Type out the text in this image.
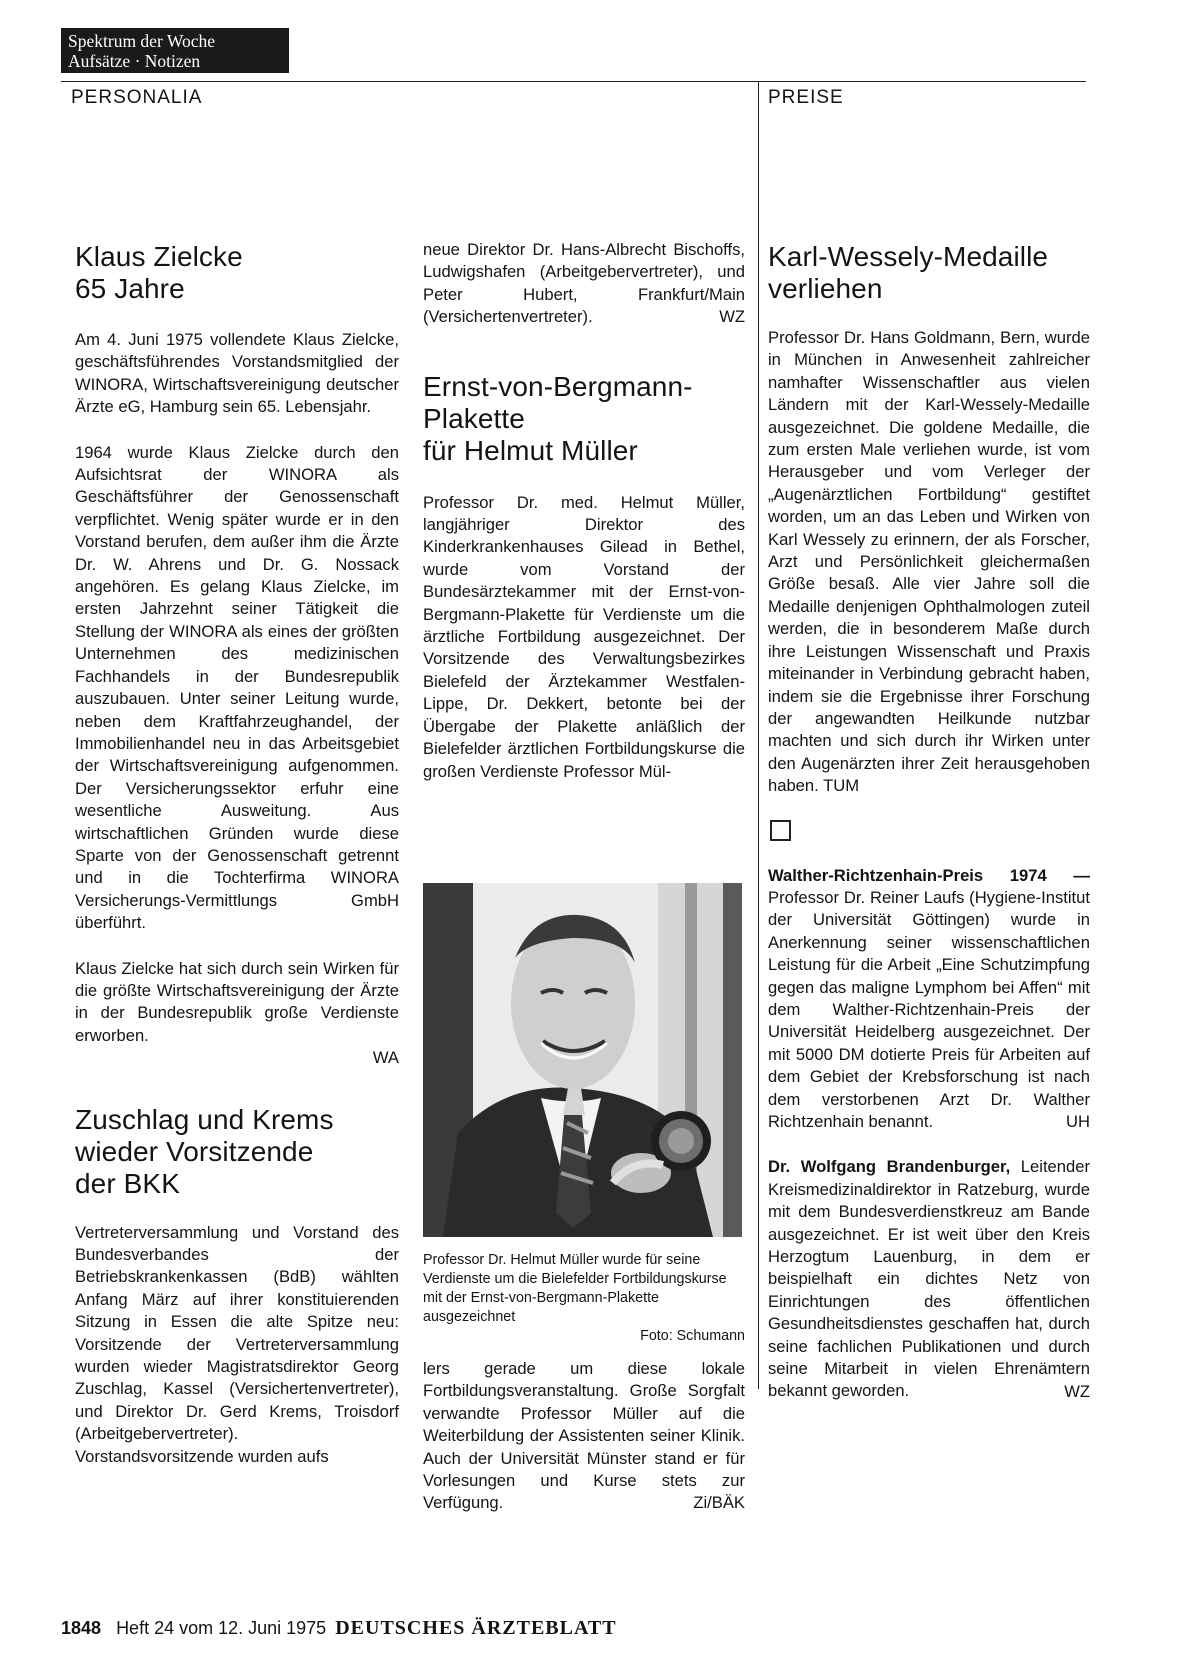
Spektrum der Woche
Aufsätze · Notizen
PERSONALIA	PREISE
Klaus Zielcke
65 Jahre

Am 4. Juni 1975 vollendete Klaus Zielcke, geschäftsführendes Vorstandsmitglied der WINORA, Wirtschaftsvereinigung deutscher Ärzte eG, Hamburg sein 65. Lebensjahr.

1964 wurde Klaus Zielcke durch den Aufsichtsrat der WINORA als Geschäftsführer der Genossenschaft verpflichtet. Wenig später wurde er in den Vorstand berufen, dem außer ihm die Ärzte Dr. W. Ahrens und Dr. G. Nossack angehören. Es gelang Klaus Zielcke, im ersten Jahrzehnt seiner Tätigkeit die Stellung der WINORA als eines der größten Unternehmen des medizinischen Fachhandels in der Bundesrepublik auszubauen. Unter seiner Leitung wurde, neben dem Kraftfahrzeughandel, der Immobilienhandel neu in das Arbeitsgebiet der Wirtschaftsvereinigung aufgenommen. Der Versicherungssektor erfuhr eine wesentliche Ausweitung. Aus wirtschaftlichen Gründen wurde diese Sparte von der Genossenschaft getrennt und in die Tochterfirma WINORA Versicherungs-Vermittlungs GmbH überführt.

Klaus Zielcke hat sich durch sein Wirken für die größte Wirtschaftsvereinigung der Ärzte in der Bundesrepublik große Verdienste erworben.
WA

Zuschlag und Krems
wieder Vorsitzende
der BKK

Vertreterversammlung und Vorstand des Bundesverbandes der Betriebskrankenkassen (BdB) wählten Anfang März auf ihrer konstituierenden Sitzung in Essen die alte Spitze neu: Vorsitzende der Vertreterversammlung wurden wieder Magistratsdirektor Georg Zuschlag, Kassel (Versichertenvertreter), und Direktor Dr. Gerd Krems, Troisdorf (Arbeitgebervertreter). Vorstandsvorsitzende wurden aufs

neue Direktor Dr. Hans-Albrecht Bischoffs, Ludwigshafen (Arbeitgebervertreter), und Peter Hubert, Frankfurt/Main (Versichertenvertreter).	WZ

Ernst-von-Bergmann-
Plakette
für Helmut Müller

Professor Dr. med. Helmut Müller, langjähriger Direktor des Kinderkrankenhauses Gilead in Bethel, wurde vom Vorstand der Bundesärztekammer mit der Ernst-von-Bergmann-Plakette für Verdienste um die ärztliche Fortbildung ausgezeichnet. Der Vorsitzende des Verwaltungsbezirkes Bielefeld der Ärztekammer Westfalen-Lippe, Dr. Dekkert, betonte bei der Übergabe der Plakette anläßlich der Bielefelder ärztlichen Fortbildungskurse die großen Verdienste Professor Mül-

Professor Dr. Helmut Müller wurde für seine Verdienste um die Bielefelder Fortbildungskurse mit der Ernst-von-Bergmann-Plakette ausgezeichnet
Foto: Schumann

lers gerade um diese lokale Fortbildungsveranstaltung. Große Sorgfalt verwandte Professor Müller auf die Weiterbildung der Assistenten seiner Klinik. Auch der Universität Münster stand er für Vorlesungen und Kurse stets zur Verfügung.	Zi/BÄK

Karl-Wessely-Medaille
verliehen

Professor Dr. Hans Goldmann, Bern, wurde in München in Anwesenheit zahlreicher namhafter Wissenschaftler aus vielen Ländern mit der Karl-Wessely-Medaille ausgezeichnet. Die goldene Medaille, die zum ersten Male verliehen wurde, ist vom Herausgeber und vom Verleger der „Augenärztlichen Fortbildung“ gestiftet worden, um an das Leben und Wirken von Karl Wessely zu erinnern, der als Forscher, Arzt und Persönlichkeit gleichermaßen Größe besaß. Alle vier Jahre soll die Medaille denjenigen Ophthalmologen zuteil werden, die in besonderem Maße durch ihre Leistungen Wissenschaft und Praxis miteinander in Verbindung gebracht haben, indem sie die Ergebnisse ihrer Forschung der angewandten Heilkunde nutzbar machten und sich durch ihr Wirken unter den Augenärzten ihrer Zeit herausgehoben haben. TUM

Walther-Richtzenhain-Preis 1974 — Professor Dr. Reiner Laufs (Hygiene-Institut der Universität Göttingen) wurde in Anerkennung seiner wissenschaftlichen Leistung für die Arbeit „Eine Schutzimpfung gegen das maligne Lymphom bei Affen“ mit dem Walther-Richtzenhain-Preis der Universität Heidelberg ausgezeichnet. Der mit 5000 DM dotierte Preis für Arbeiten auf dem Gebiet der Krebsforschung ist nach dem verstorbenen Arzt Dr. Walther Richtzenhain benannt.	UH

Dr. Wolfgang Brandenburger, Leitender Kreismedizinaldirektor in Ratzeburg, wurde mit dem Bundesverdienstkreuz am Bande ausgezeichnet. Er ist weit über den Kreis Herzogtum Lauenburg, in dem er beispielhaft ein dichtes Netz von Einrichtungen des öffentlichen Gesundheitsdienstes geschaffen hat, durch seine fachlichen Publikationen und durch seine Mitarbeit in vielen Ehrenämtern bekannt geworden.	WZ

1848 Heft 24 vom 12. Juni 1975 DEUTSCHES ÄRZTEBLATT
